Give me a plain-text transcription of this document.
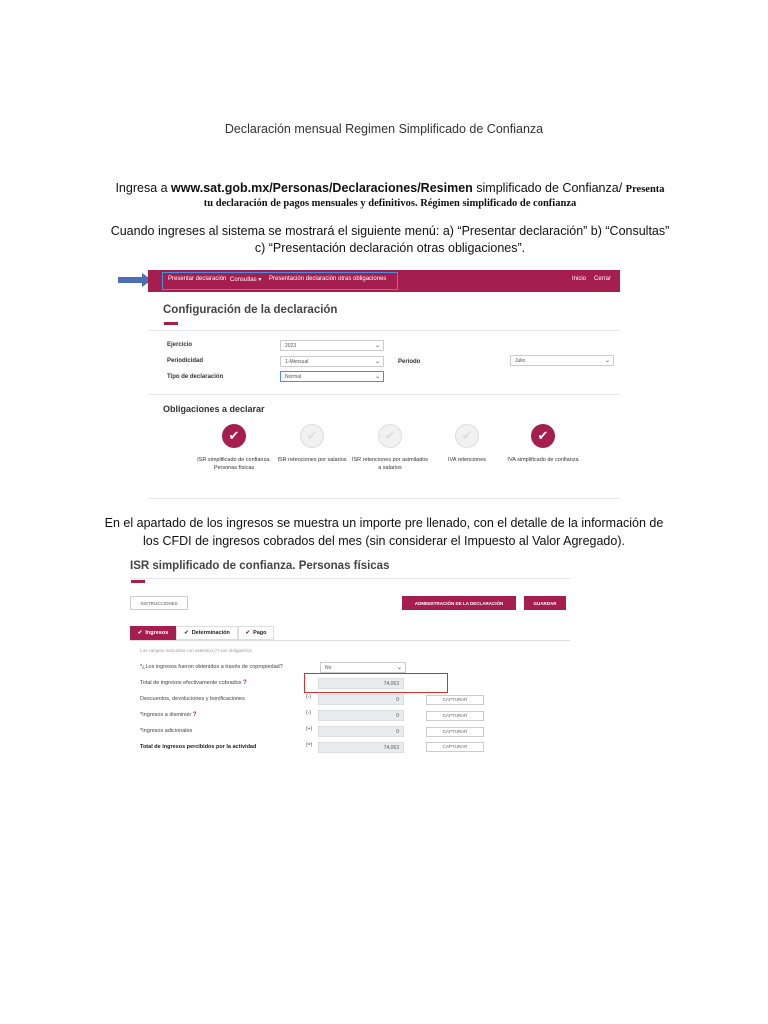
Declaración mensual Regimen Simplificado de Confianza
Ingresa a www.sat.gob.mx/Personas/Declaraciones/Resimen simplificado de Confianza/ Presenta
tu declaración de pagos mensuales y definitivos. Régimen simplificado de confianza
Cuando ingreses al sistema se mostrará el siguiente menú: a) “Presentar declaración” b) “Consultas” c) “Presentación declaración otras obligaciones”.
Presentar declaración Consultas ▾ Presentación declaración otras obligaciones	Inicio Cerrar
Configuración de la declaración
Ejercicio	2023	⌄
Periodicidad	1-Mensual	⌄	Periodo	Julio	⌄
Tipo de declaración	Normal	⌄
Obligaciones a declarar
✔
ISR simplificado de confianza. Personas físicas
✔
ISR retenciones por salarios
✔
ISR retenciones por asimilados a salarios
✔
IVA retenciones
✔
IVA simplificado de confianza
En el apartado de los ingresos se muestra un importe pre llenado, con el detalle de la información de los CFDI de ingresos cobrados del mes (sin considerar el Impuesto al Valor Agregado).
ISR simplificado de confianza. Personas físicas
INSTRUCCIONES	ADMINISTRACIÓN DE LA DECLARACIÓN	GUARDAR
✔ Ingresos	✔ Determinación	✔ Pago
Los campos marcados con asterisco (*) son obligatorios
*¿Los ingresos fueron obtenidos a través de copropiedad?	No	⌄
Total de ingresos efectivamente cobrados ?	74,063
Descuentos, devoluciones y bonificaciones	(-)	0	CAPTURAR
*Ingresos a disminuir ?	(-)	0	CAPTURAR
*Ingresos adicionales	(+)	0	CAPTURAR
Total de ingresos percibidos por la actividad	(=)	74,063	CAPTURAR
